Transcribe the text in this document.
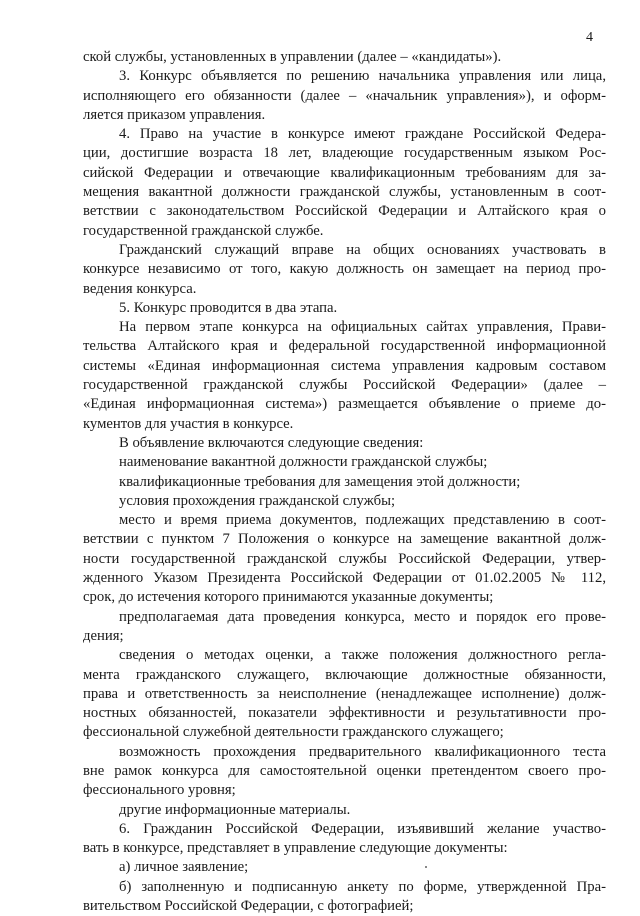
4
ской службы, установленных в управлении (далее – «кандидаты»).
3. Конкурс объявляется по решению начальника управления или лица,
исполняющего его обязанности (далее – «начальник управления»), и оформ-
ляется приказом управления.
4. Право на участие в конкурсе имеют граждане Российской Федера-
ции, достигшие возраста 18 лет, владеющие государственным языком Рос-
сийской Федерации и отвечающие квалификационным требованиям для за-
мещения вакантной должности гражданской службы, установленным в соот-
ветствии с законодательством Российской Федерации и Алтайского края о
государственной гражданской службе.
Гражданский служащий вправе на общих основаниях участвовать в
конкурсе независимо от того, какую должность он замещает на период про-
ведения конкурса.
5. Конкурс проводится в два этапа.
На первом этапе конкурса на официальных сайтах управления, Прави-
тельства Алтайского края и федеральной государственной информационной
системы «Единая информационная система управления кадровым составом
государственной гражданской службы Российской Федерации» (далее –
«Единая информационная система») размещается объявление о приеме до-
кументов для участия в конкурсе.
В объявление включаются следующие сведения:
наименование вакантной должности гражданской службы;
квалификационные требования для замещения этой должности;
условия прохождения гражданской службы;
место и время приема документов, подлежащих представлению в соот-
ветствии с пунктом 7 Положения о конкурсе на замещение вакантной долж-
ности государственной гражданской службы Российской Федерации, утвер-
жденного Указом Президента Российской Федерации от 01.02.2005 № 112,
срок, до истечения которого принимаются указанные документы;
предполагаемая дата проведения конкурса, место и порядок его прове-
дения;
сведения о методах оценки, а также положения должностного регла-
мента гражданского служащего, включающие должностные обязанности,
права и ответственность за неисполнение (ненадлежащее исполнение) долж-
ностных обязанностей, показатели эффективности и результативности про-
фессиональной служебной деятельности гражданского служащего;
возможность прохождения предварительного квалификационного теста
вне рамок конкурса для самостоятельной оценки претендентом своего про-
фессионального уровня;
другие информационные материалы.
6. Гражданин Российской Федерации, изъявивший желание участво-
вать в конкурсе, представляет в управление следующие документы:
а) личное заявление;
б) заполненную и подписанную анкету по форме, утвержденной Пра-
вительством Российской Федерации, с фотографией;
